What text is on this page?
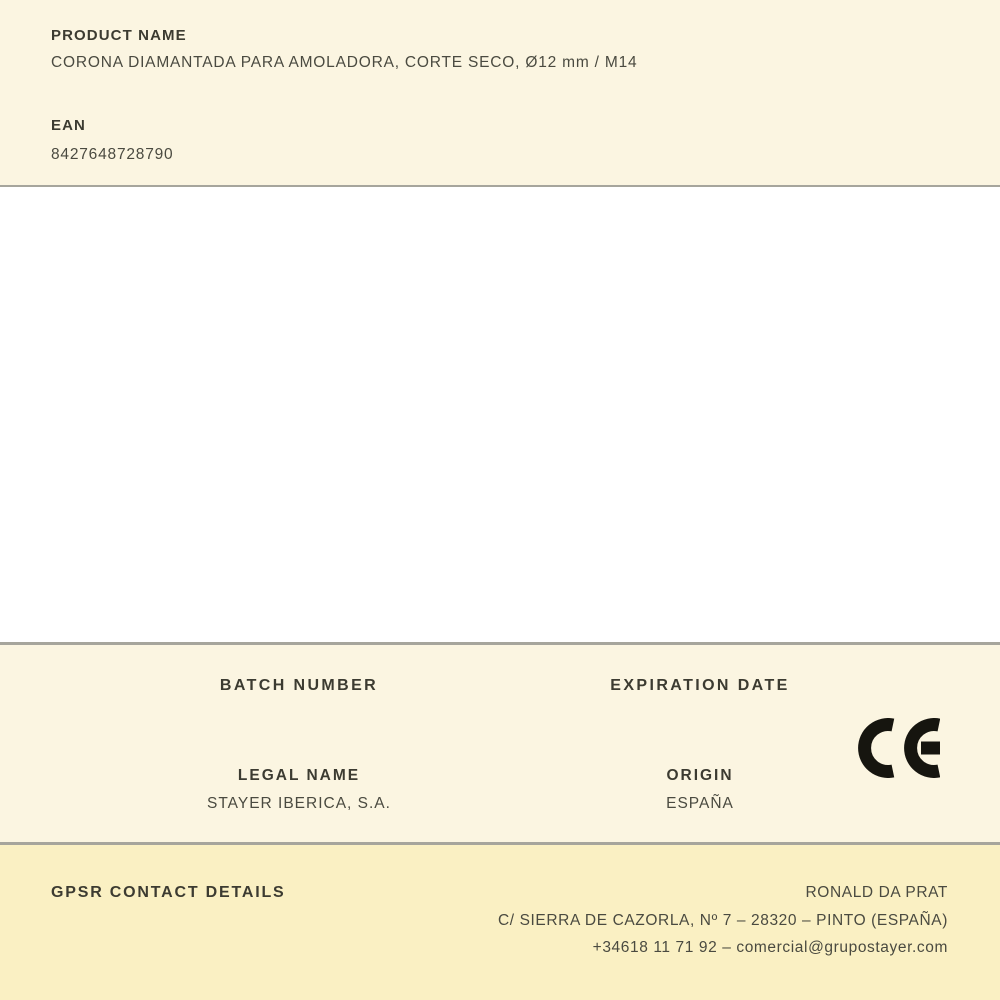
PRODUCT NAME
CORONA DIAMANTADA PARA AMOLADORA, CORTE SECO, Ø12 mm / M14
EAN
8427648728790
BATCH NUMBER	EXPIRATION DATE
LEGAL NAME
STAYER IBERICA, S.A.
ORIGIN
ESPAÑA
GPSR CONTACT DETAILS	RONALD DA PRAT
C/ SIERRA DE CAZORLA, Nº 7 – 28320 – PINTO (ESPAÑA)
+34618 11 71 92 – comercial@grupostayer.com
